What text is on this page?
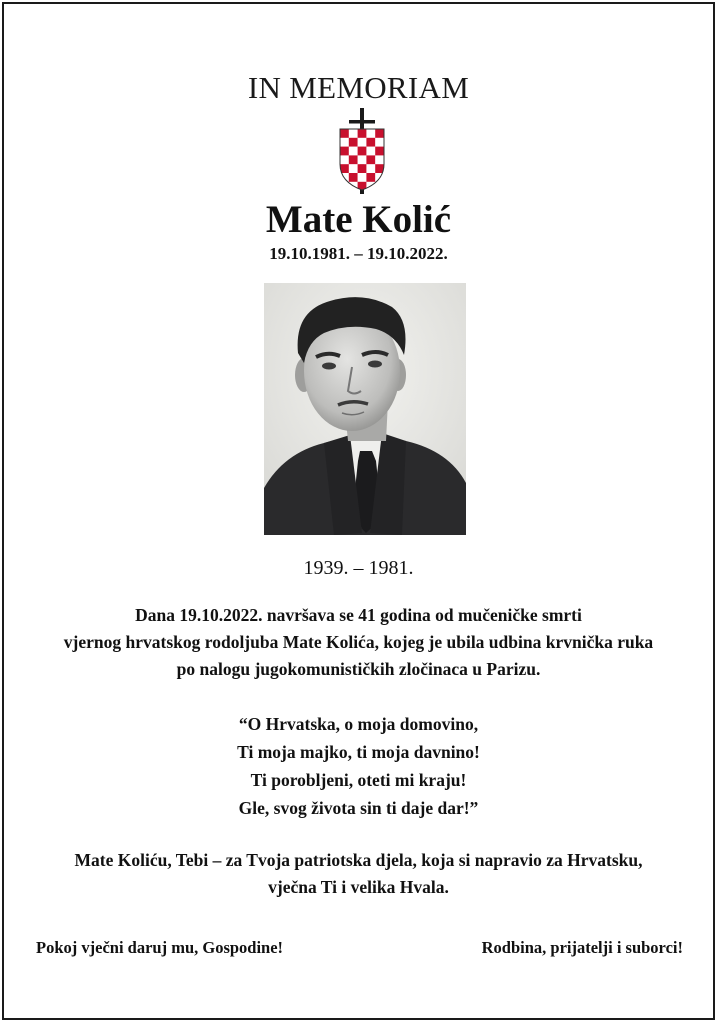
IN MEMORIAM
Mate Kolić
19.10.1981. – 19.10.2022.
1939. – 1981.
Dana 19.10.2022. navršava se 41 godina od mučeničke smrti
vjernog hrvatskog rodoljuba Mate Kolića, kojeg je ubila udbina krvnička ruka
po nalogu jugokomunističkih zločinaca u Parizu.
“O Hrvatska, o moja domovino,
Ti moja majko, ti moja davnino!
Ti porobljeni, oteti mi kraju!
Gle, svog života sin ti daje dar!”
Mate Koliću, Tebi – za Tvoja patriotska djela, koja si napravio za Hrvatsku,
vječna Ti i velika Hvala.
Pokoj vječni daruj mu, Gospodine!	Rodbina, prijatelji i suborci!
